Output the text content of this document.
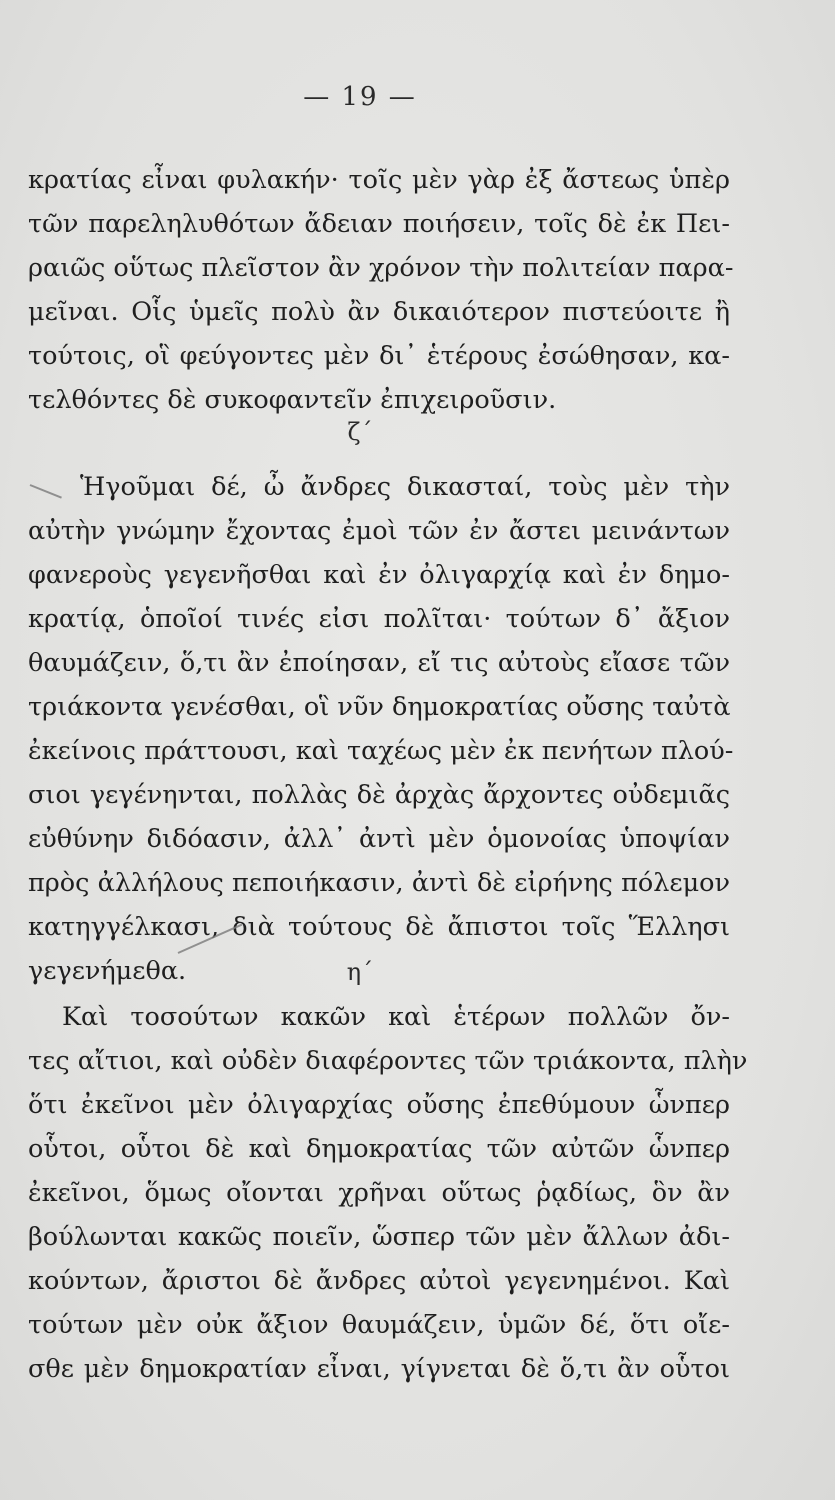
— 19 —
κρατίας εἶναι φυλακήν· τοῖς μὲν γὰρ ἐξ ἄστεως ὑπὲρ
τῶν παρεληλυθότων ἄδειαν ποιήσειν, τοῖς δὲ ἐκ Πει-
ραιῶς οὕτως πλεῖστον ἂν χρόνον τὴν πολιτείαν παρα-
μεῖναι. Οἷς ὑμεῖς πολὺ ἂν δικαιότερον πιστεύοιτε ἢ
τούτοις, οἳ φεύγοντες μὲν δι᾿ ἑτέρους ἐσώθησαν, κα-
τελθόντες δὲ συκοφαντεῖν ἐπιχειροῦσιν.
ζ΄
Ἡγοῦμαι δέ, ὦ ἄνδρες δικασταί, τοὺς μὲν τὴν
αὐτὴν γνώμην ἔχοντας ἐμοὶ τῶν ἐν ἄστει μεινάντων
φανεροὺς γεγενῆσθαι καὶ ἐν ὀλιγαρχίᾳ καὶ ἐν δημο-
κρατίᾳ, ὁποῖοί τινές εἰσι πολῖται· τούτων δ᾿ ἄξιον
θαυμάζειν, ὅ,τι ἂν ἐποίησαν, εἴ τις αὐτοὺς εἴασε τῶν
τριάκοντα γενέσθαι, οἳ νῦν δημοκρατίας οὔσης ταὐτὰ
ἐκείνοις πράττουσι, καὶ ταχέως μὲν ἐκ πενήτων πλού-
σιοι γεγένηνται, πολλὰς δὲ ἀρχὰς ἄρχοντες οὐδεμιᾶς
εὐθύνην διδόασιν, ἀλλ᾿ ἀντὶ μὲν ὁμονοίας ὑποψίαν
πρὸς ἀλλήλους πεποιήκασιν, ἀντὶ δὲ εἰρήνης πόλεμον
κατηγγέλκασι, διὰ τούτους δὲ ἄπιστοι τοῖς Ἕλλησι
γεγενήμεθα.	η΄
Καὶ τοσούτων κακῶν καὶ ἑτέρων πολλῶν ὄν-
τες αἴτιοι, καὶ οὐδὲν διαφέροντες τῶν τριάκοντα, πλὴν
ὅτι ἐκεῖνοι μὲν ὀλιγαρχίας οὔσης ἐπεθύμουν ὧνπερ
οὗτοι, οὗτοι δὲ καὶ δημοκρατίας τῶν αὐτῶν ὧνπερ
ἐκεῖνοι, ὅμως οἴονται χρῆναι οὕτως ῥᾳδίως, ὃν ἂν
βούλωνται κακῶς ποιεῖν, ὥσπερ τῶν μὲν ἄλλων ἀδι-
κούντων, ἄριστοι δὲ ἄνδρες αὐτοὶ γεγενημένοι. Καὶ
τούτων μὲν οὐκ ἄξιον θαυμάζειν, ὑμῶν δέ, ὅτι οἴε-
σθε μὲν δημοκρατίαν εἶναι, γίγνεται δὲ ὅ,τι ἂν οὗτοι
